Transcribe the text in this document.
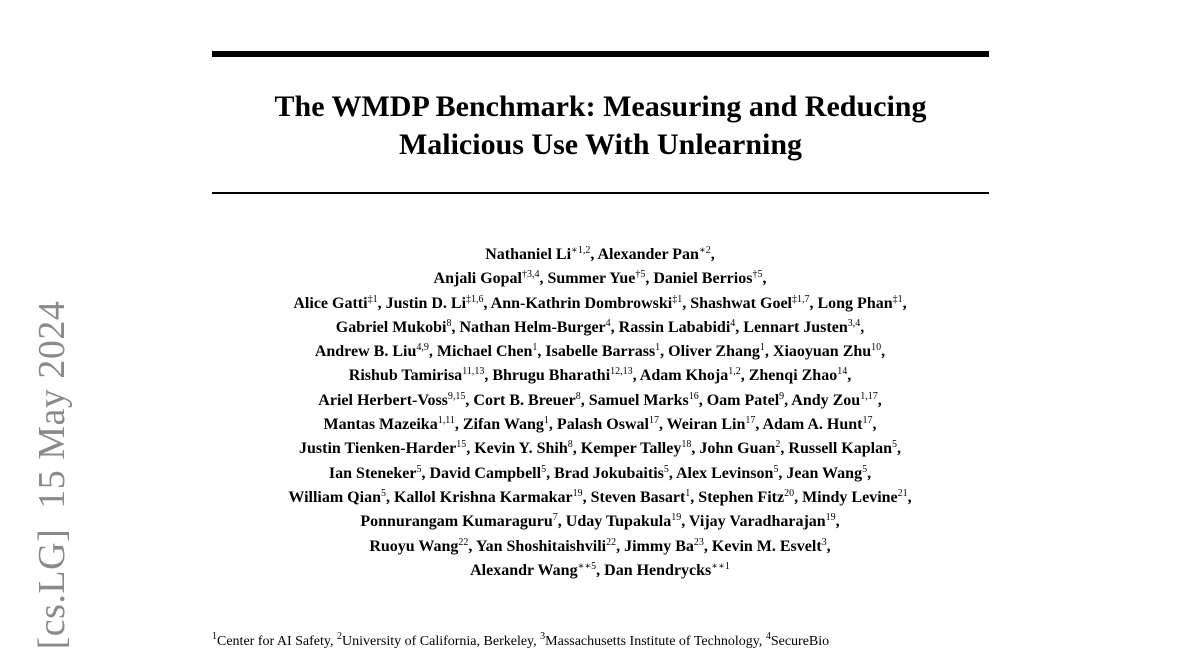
[cs.LG]  15 May 2024
The WMDP Benchmark: Measuring and Reducing
Malicious Use With Unlearning
Nathaniel $Li^{∗1,2}$, Alexander Pan$^{∗2}$,
Anjali Gopal$^{\dagger 3,4}$, Summer Yue$^{\dagger 5}$, Daniel Berrios$^{\dagger 5}$,
Alice Gatti$^{\ddagger 1}$, Justin D. Li$^{\ddagger 1,6}$, Ann-Kathrin Dombrowski$^{\ddagger 1}$, Shashwat Goel$^{\ddagger 1,7}$, Long Phan$^{\ddagger 1}$,
Gabriel Mukobi$^8$, Nathan Helm-Burger$^4$, Rassin Lababidi$^4$, Lennart Justen$^{3,4}$,
Andrew B. Liu$^{4,9}$, Michael Chen$^1$, Isabelle Barrass$^1$, Oliver Zhang$^1$, Xiaoyuan Zhu$^{10}$,
Rishub Tamirisa$^{11,13}$, Bhrugu Bharathi$^{12,13}$, Adam Khoja$^{1,2}$, Zhenqi Zhao$^{14}$,
Ariel Herbert-Voss$^{9,15}$, Cort B. Breuer$^8$, Samuel Marks$^{16}$, Oam Patel$^9$, Andy Zou$^{1,17}$,
Mantas Mazeika$^{1,11}$, Zifan Wang$^1$, Palash Oswal$^{17}$, Weiran Lin$^{17}$, Adam A. Hunt$^{17}$,
Justin Tienken-Harder$^{15}$, Kevin Y. Shih$^8$, Kemper Talley$^{18}$, John Guan$^2$, Russell Kaplan$^5$,
Ian Steneker$^5$, David Campbell$^5$, Brad Jokubaitis$^5$, Alex Levinson$^5$, Jean Wang$^5$,
William Qian$^5$, Kallol Krishna Karmakar$^{19}$, Steven Basart$^1$, Stephen Fitz$^{20}$, Mindy Levine$^{21}$,
Ponnurangam Kumaraguru$^7$, Uday Tupakula$^{19}$, Vijay Varadharajan$^{19}$,
Ruoyu Wang$^{22}$, Yan Shoshitaishvili$^{22}$, Jimmy Ba$^{23}$, Kevin M. Esvelt$^3$,
Alexandr Wang$^{∗∗5}$, Dan Hendrycks$^{∗∗1}$
$^1$Center for AI Safety, $^2$University of California, Berkeley, $^3$Massachusetts Institute of Technology, $^4$SecureBio
